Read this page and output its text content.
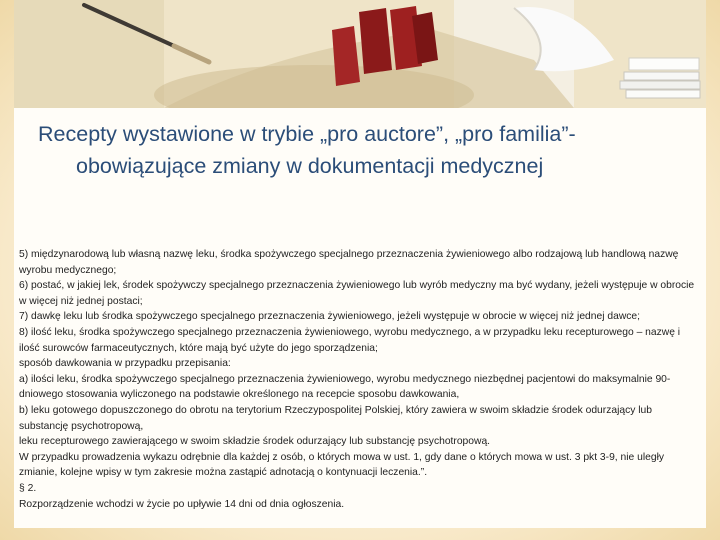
Recepty wystawione w trybie „pro auctore”, „pro familia”-
obowiązujące zmiany w dokumentacji medycznej

5) międzynarodową lub własną nazwę leku, środka spożywczego specjalnego przeznaczenia żywieniowego albo rodzajową lub handlową nazwę wyrobu medycznego;

6) postać, w jakiej lek, środek spożywczy specjalnego przeznaczenia żywieniowego lub wyrób medyczny ma być wydany, jeżeli występuje w obrocie w więcej niż jednej postaci;

7) dawkę leku lub środka spożywczego specjalnego przeznaczenia żywieniowego, jeżeli występuje w obrocie w więcej niż jednej dawce;

8) ilość leku, środka spożywczego specjalnego przeznaczenia żywieniowego, wyrobu medycznego, a w przypadku leku recepturowego – nazwę i ilość surowców farmaceutycznych, które mają być użyte do jego sporządzenia;

sposób dawkowania w przypadku przepisania:

a) ilości leku, środka spożywczego specjalnego przeznaczenia żywieniowego, wyrobu medycznego niezbędnej pacjentowi do maksymalnie 90-dniowego stosowania wyliczonego na podstawie określonego na recepcie sposobu dawkowania,

b) leku gotowego dopuszczonego do obrotu na terytorium Rzeczypospolitej Polskiej, który zawiera w swoim składzie środek odurzający lub substancję psychotropową,

leku recepturowego zawierającego w swoim składzie środek odurzający lub substancję psychotropową.

W przypadku prowadzenia wykazu odrębnie dla każdej z osób, o których mowa w ust. 1, gdy dane o których mowa w ust. 3 pkt 3-9, nie uległy zmianie, kolejne wpisy w tym zakresie można zastąpić adnotacją o kontynuacji leczenia.”.

§ 2.

Rozporządzenie wchodzi w życie po upływie 14 dni od dnia ogłoszenia.
